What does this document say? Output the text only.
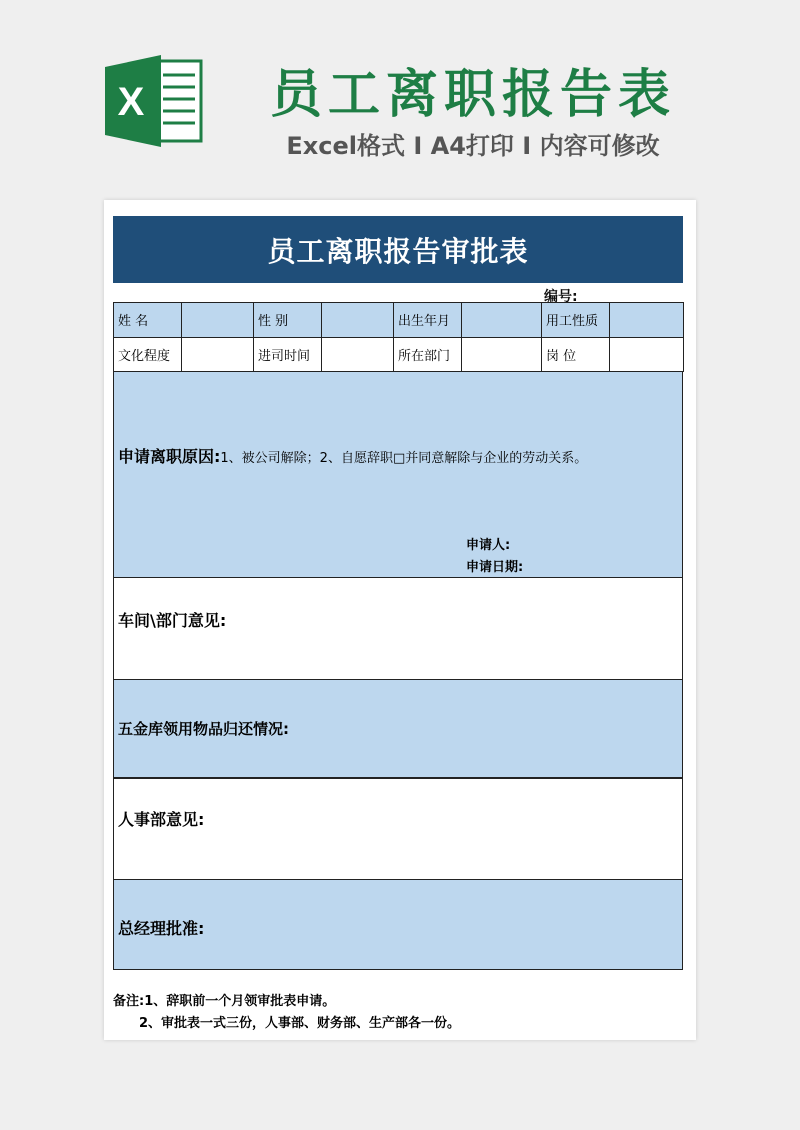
X	员工离职报告表
Excel格式 I A4打印 I 内容可修改
员工离职报告审批表
编号:
姓 名		性 别		出生年月		用工性质	
文化程度		进司时间		所在部门		岗 位	
申请离职原因:1、被公司解除；2、自愿辞职□并同意解除与企业的劳动关系。
申请人:
申请日期:
车间\部门意见:
五金库领用物品归还情况:
人事部意见:
总经理批准:
备注:1、辞职前一个月领审批表申请。
2、审批表一式三份，人事部、财务部、生产部各一份。
